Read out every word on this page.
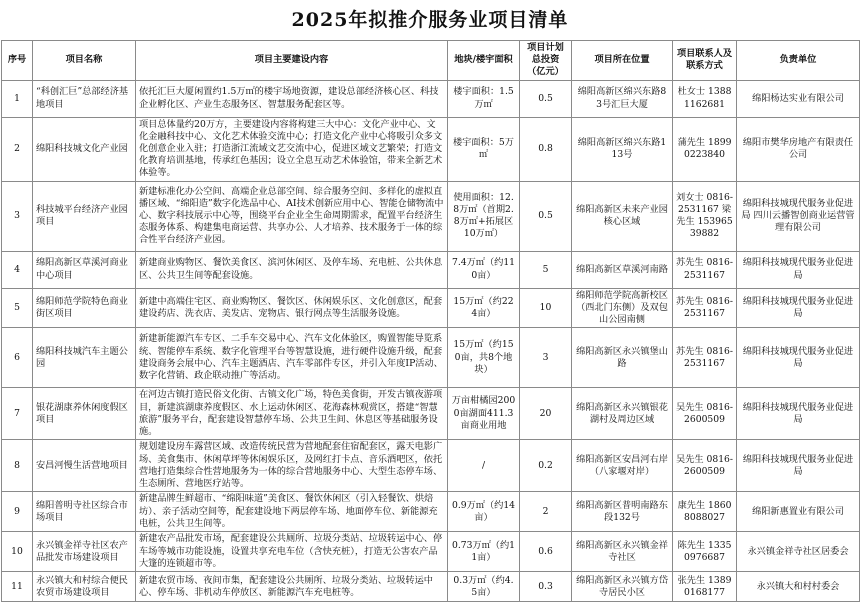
2025年拟推介服务业项目清单
序号	项目名称	项目主要建设内容	地块/楼宇面积	项目计划总投资（亿元）	项目所在位置	项目联系人及联系方式	负责单位
1	“科创汇巨”总部经济基地项目	依托汇巨大厦闲置约1.5万㎡的楼宇场地资源，建设总部经济核心区、科技企业孵化区、产业生态服务区、智慧服务配套区等。	楼宇面积：1.5万㎡	0.5	绵阳高新区绵兴东路83号汇巨大厦	杜女士 13881162681	绵阳杨达实业有限公司
2	绵阳科技城文化产业园	项目总体量约20万方，主要建设内容将构建三大中心：文化产业中心、文化金融科技中心、文化艺术体验交流中心；打造文化产业中心将吸引众多文化创意企业入驻；打造浙江流域文艺交流中心，促进区域文艺繁荣；打造文化教育培训基地，传承红色基因；设立全息互动艺术体验馆，带来全新艺术体验等。	楼宇面积：5万㎡	0.8	绵阳高新区绵兴东路113号	蒲先生 18990223840	绵阳市樊华房地产有限责任公司
3	科技城平台经济产业园项目	新建标准化办公空间、高端企业总部空间、综合服务空间、多样化的虚拟直播区域、“绵阳造”数字化选品中心、AI技术创新应用中心、智能仓储物流中心、数字科技展示中心等，围绕平台企业全生命周期需求，配置平台经济生态服务体系、构建集电商运营、共享办公、人才培养、技术服务于一体的综合性平台经济产业园。	使用面积：12.8万㎡（首期2.8万㎡+拓展区10万㎡）	0.5	绵阳高新区未来产业园核心区域	刘女士 0816-2531167 梁先生 15396539882	绵阳科技城现代服务业促进局 四川云播智创商业运营管理有限公司
4	绵阳高新区草溪河商业中心项目	新建商业购物区、餐饮美食区、滨河休闲区、及停车场、充电桩、公共休息区、公共卫生间等配套设施。	7.4万㎡（约110亩）	5	绵阳高新区草溪河南路	苏先生 0816-2531167	绵阳科技城现代服务业促进局
5	绵阳师范学院特色商业街区项目	新建中高端住宅区、商业购物区、餐饮区、休闲娱乐区、文化创意区，配套建设药店、洗衣店、美发店、宠物店、银行网点等生活服务设施。	15万㎡（约224亩）	10	绵阳师范学院高新校区（西北门东侧）及双包山公园南侧	苏先生 0816-2531167	绵阳科技城现代服务业促进局
6	绵阳科技城汽车主题公园	新建新能源汽车专区、二手车交易中心、汽车文化体验区，购置智能导览系统、智能停车系统、数字化管理平台等智慧设施，进行硬件设施升级，配套建设商务会展中心、汽车主题酒店、汽车零部件专区，并引入年度IP活动、数字化营销、政企联动推广等活动。	15万㎡（约150亩，共8个地块）	3	绵阳高新区永兴镇堡山路	苏先生 0816-2531167	绵阳科技城现代服务业促进局
7	银花湖康养休闲度假区项目	在河边古镇打造民俗文化街、古镇文化广场，特色美食街，开发古镇夜游项目，新建滨湖康养度假区、水上运动休闲区、花海森林观赏区，搭建“智慧旅游”服务平台，配套建设智慧停车场、公共卫生间、休息区等基础服务设施。	万亩柑橘园2000亩湖面411.3亩商业用地	20	绵阳高新区永兴镇银花湖村及周边区域	吴先生 0816-2600509	绵阳科技城现代服务业促进局
8	安昌河慢生活营地项目	规划建设房车露营区域、改造传统民营为营地配套住宿配套区，露天电影广场、美食集市、休闲草坪等休闲娱乐区，及网红打卡点、音乐酒吧区，依托营地打造集综合性营地服务为一体的综合营地服务中心、大型生态停车场、生态厕所、营地医疗站等。	/	0.2	绵阳高新区安昌河右岸（八家堰对岸）	吴先生 0816-2600509	绵阳科技城现代服务业促进局
9	绵阳普明寺社区综合市场项目	新建品牌生鲜超市、“绵阳味道”美食区、餐饮休闲区（引入轻餐饮、烘焙坊）、亲子活动空间等，配套建设地下两层停车场、地面停车位、新能源充电桩，公共卫生间等。	0.9万㎡（约14亩）	2	绵阳高新区普明南路东段132号	康先生 18608088027	绵阳新惠置业有限公司
10	永兴镇金祥寺社区农产品批发市场建设项目	新建农产品批发市场，配套建设公共厕所、垃圾分类站、垃圾转运中心、停车场等城市功能设施，设置共享充电车位（含快充桩），打造无公害农产品大篷的连锁超市等。	0.73万㎡（约11亩）	0.6	绵阳高新区永兴镇金祥寺社区	陈先生 13350976687	永兴镇金祥寺社区居委会
11	永兴镇大和村综合便民农贸市场建设项目	新建农贸市场、夜间市集，配套建设公共厕所、垃圾分类站、垃圾转运中心、停车场、非机动车停放区、新能源汽车充电桩等。	0.3万㎡（约4.5亩）	0.3	绵阳高新区永兴镇方岱寺居民小区	张先生 13890168177	永兴镇大和村村委会
